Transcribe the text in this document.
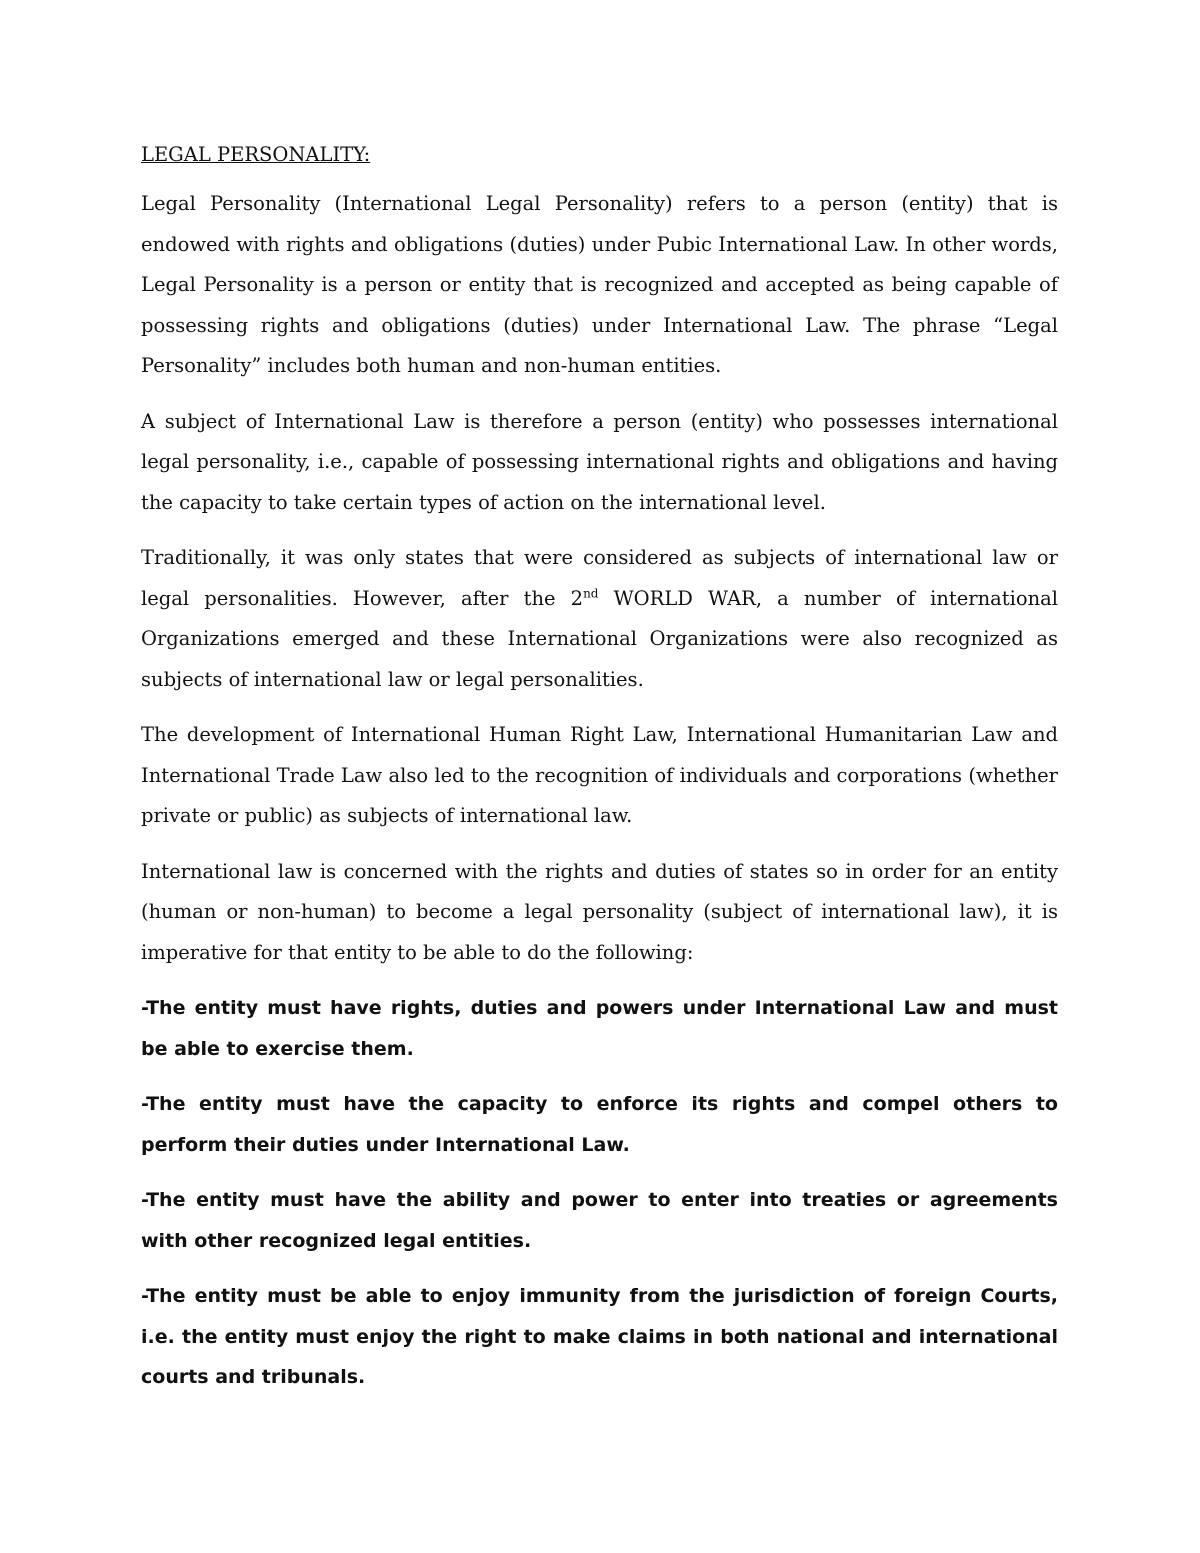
LEGAL PERSONALITY:

Legal Personality (International Legal Personality) refers to a person (entity) that is endowed with rights and obligations (duties) under Pubic International Law. In other words, Legal Personality is a person or entity that is recognized and accepted as being capable of possessing rights and obligations (duties) under International Law. The phrase “Legal Personality” includes both human and non-human entities.

A subject of International Law is therefore a person (entity) who possesses international legal personality, i.e., capable of possessing international rights and obligations and having the capacity to take certain types of action on the international level.

Traditionally, it was only states that were considered as subjects of international law or legal personalities. However, after the 2nd WORLD WAR, a number of international Organizations emerged and these International Organizations were also recognized as subjects of international law or legal personalities.

The development of International Human Right Law, International Humanitarian Law and International Trade Law also led to the recognition of individuals and corporations (whether private or public) as subjects of international law.

International law is concerned with the rights and duties of states so in order for an entity (human or non-human) to become a legal personality (subject of international law), it is imperative for that entity to be able to do the following:

-The entity must have rights, duties and powers under International Law and must be able to exercise them.

-The entity must have the capacity to enforce its rights and compel others to perform their duties under International Law.

-The entity must have the ability and power to enter into treaties or agreements with other recognized legal entities.

-The entity must be able to enjoy immunity from the jurisdiction of foreign Courts, i.e. the entity must enjoy the right to make claims in both national and international courts and tribunals.
